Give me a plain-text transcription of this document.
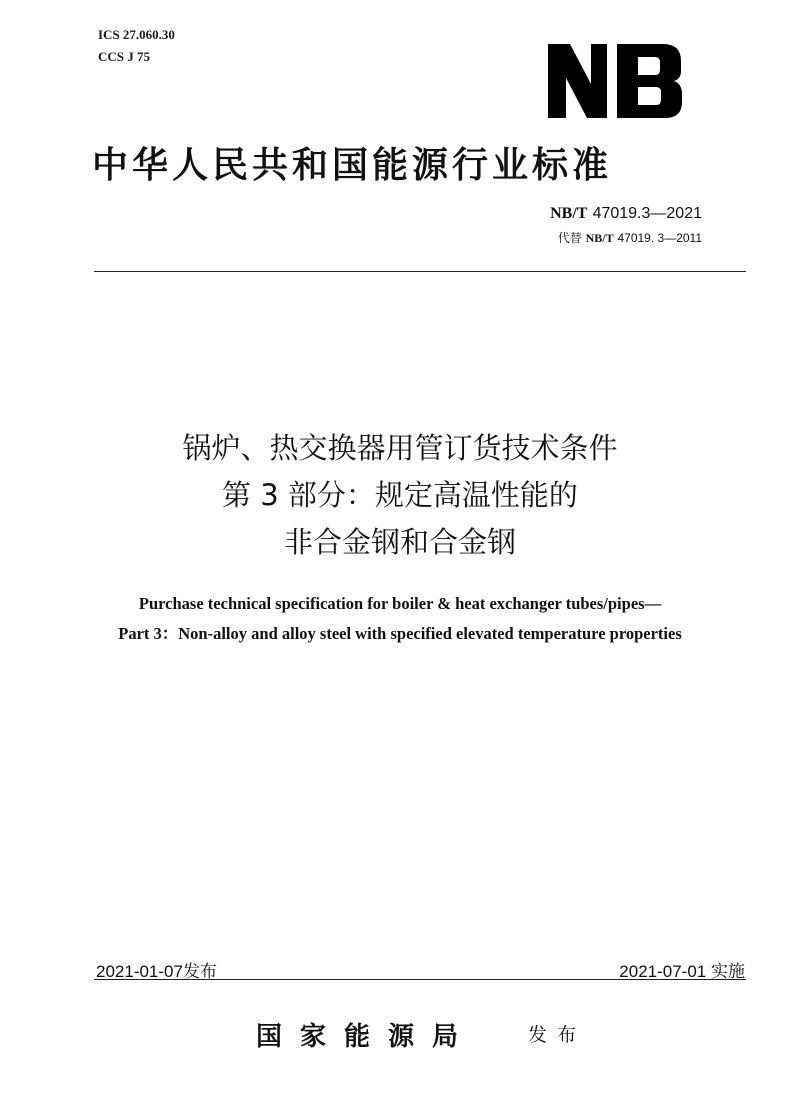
ICS 27.060.30
CCS J 75
中华人民共和国能源行业标准
NB/T 47019.3—2021
代替 NB/T 47019. 3—2011
锅炉、热交换器用管订货技术条件
第 3 部分：规定高温性能的
非合金钢和合金钢
Purchase technical specification for boiler & heat exchanger tubes/pipes—
Part 3：Non-alloy and alloy steel with specified elevated temperature properties
2021-01-07发布	2021-07-01 实施
国家能源局	发布
